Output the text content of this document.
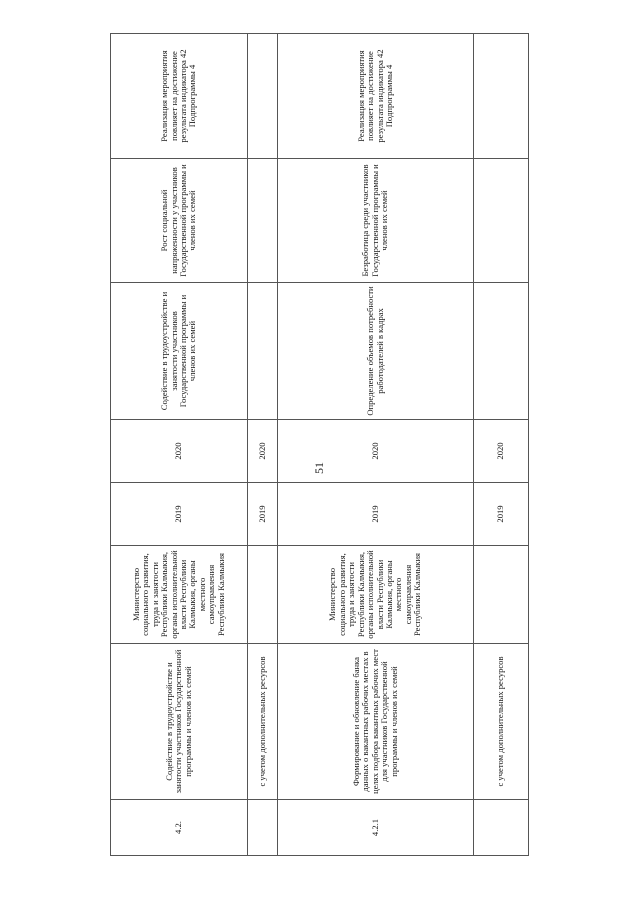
51
4.2.	Содействие в трудоустройстве и занятости участников Государственной программы и членов их семей	Министерство социального развития, труда и занятости Республики Калмыкия, органы исполнительной власти Республики Калмыкия, органы местного самоуправления Республики Калмыкия	2019	2020	Содействие в трудоустройстве и занятости участников Государственной программы и членов их семей	Рост социальной напряженности у участников Государственной программы и членов их семей	Реализация мероприятия повлияет на достижение результата индикатора 42 Подпрограммы 4
	с учетом дополнительных ресурсов		2019	2020			
4.2.1	Формирование и обновление банка данных о вакантных рабочих местах в целях подбора вакантных рабочих мест для участников Государственной программы и членов их семей	Министерство социального развития, труда и занятости Республики Калмыкия, органы исполнительной власти Республики Калмыкия, органы местного самоуправления Республики Калмыкия	2019	2020	Определение объемов потребности работодателей в кадрах	Безработица среди участников Государственной программы и членов их семей	Реализация мероприятия повлияет на достижение результата индикатора 42 Подпрограммы 4
	с учетом дополнительных ресурсов		2019	2020			
